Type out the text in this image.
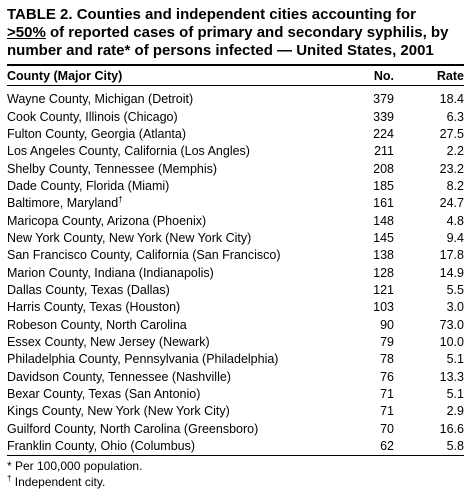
TABLE 2. Counties and independent cities accounting for
>50% of reported cases of primary and secondary syphilis, by
number and rate* of persons infected — United States, 2001
County (Major City)	No.	Rate

Wayne County, Michigan (Detroit)	379	18.4
Cook County, Illinois (Chicago)	339	6.3
Fulton County, Georgia (Atlanta)	224	27.5
Los Angeles County, California (Los Angles)	211	2.2
Shelby County, Tennessee (Memphis)	208	23.2
Dade County, Florida (Miami)	185	8.2
Baltimore, Maryland†	161	24.7
Maricopa County, Arizona (Phoenix)	148	4.8
New York County, New York (New York City)	145	9.4
San Francisco County, California (San Francisco)	138	17.8
Marion County, Indiana (Indianapolis)	128	14.9
Dallas County, Texas (Dallas)	121	5.5
Harris County, Texas (Houston)	103	3.0
Robeson County, North Carolina	90	73.0
Essex County, New Jersey (Newark)	79	10.0
Philadelphia County, Pennsylvania (Philadelphia)	78	5.1
Davidson County, Tennessee (Nashville)	76	13.3
Bexar County, Texas (San Antonio)	71	5.1
Kings County, New York (New York City)	71	2.9
Guilford County, North Carolina (Greensboro)	70	16.6
Franklin County, Ohio (Columbus)	62	5.8
* Per 100,000 population.
† Independent city.
